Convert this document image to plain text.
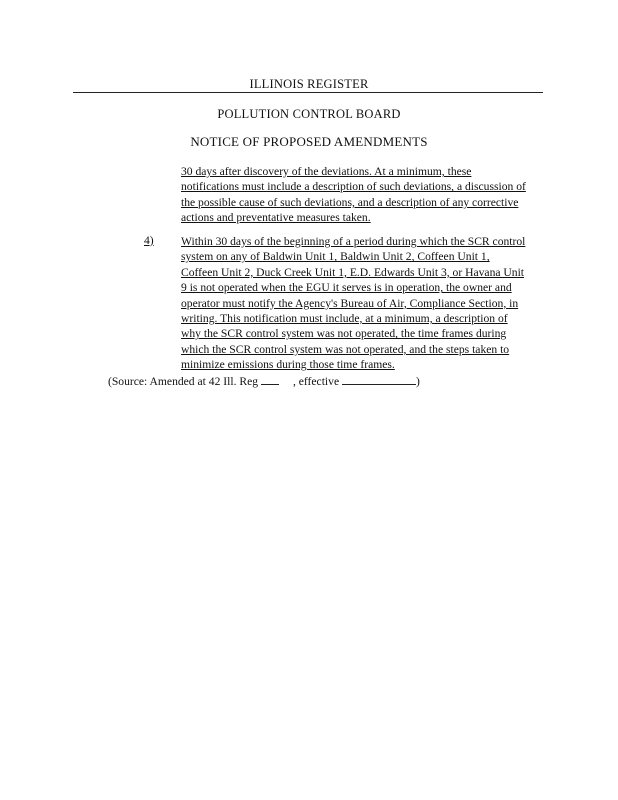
ILLINOIS REGISTER
POLLUTION CONTROL BOARD
NOTICE OF PROPOSED AMENDMENTS
30 days after discovery of the deviations. At a minimum, these
notifications must include a description of such deviations, a discussion of
the possible cause of such deviations, and a description of any corrective
actions and preventative measures taken.
4) Within 30 days of the beginning of a period during which the SCR control
system on any of Baldwin Unit 1, Baldwin Unit 2, Coffeen Unit 1,
Coffeen Unit 2, Duck Creek Unit 1, E.D. Edwards Unit 3, or Havana Unit
9 is not operated when the EGU it serves is in operation, the owner and
operator must notify the Agency's Bureau of Air, Compliance Section, in
writing. This notification must include, at a minimum, a description of
why the SCR control system was not operated, the time frames during
which the SCR control system was not operated, and the steps taken to
minimize emissions during those time frames.
(Source: Amended at 42 Ill. Reg	, effective	)
